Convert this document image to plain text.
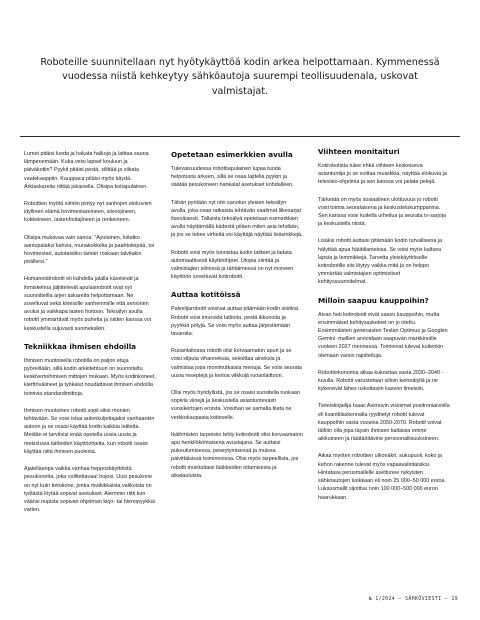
Roboteille suunnitellaan nyt hyötykäyttöä kodin arkea helpottamaan. Kymmenessä vuodessa niistä kehkeytyy sähköautoja suurempi teollisuudenala, uskovat valmistajat.

Lumet pitäisi luoda ja hakata halkoja ja laittaa sauna lämpenemään. Kuka veisi lapset kouluun ja päiväkotiin? Pyykit pitäisi pestä, silittää ja viikata vaatekaappiin. Kauppaса pitäisi myös käydä. Arkiaskareita riittää jokaisella. Olisipa kotiapulainen.

Robottien myötä siimiin piirtyy nyt vanhojen elokuvien idyllinen elämä hovimestareineen, siivoojineen, kokkeineen, lastenhoitajineen ja renkeineen.

Olisipa mukavaa vain sanoa: ”Ayulainen, loitatko aamupalaksi kahvia, munakokkelia ja paahtoleipää, toi hovimestari, autotaistiko tämän roskaan talvitakin pöällersi.”

Humanoidirobotit eli kahdella jalalla kävelevät ja ihmiskehoa jäljittelevät apulaisrobotit ovat nyt suunnitteilla arjen askareita helpottamaan. Ne soveltuvat sekä kiireisille vanhemmille että seniorien avuksi ja vaikkapa lasten hoitoon. Tekoälyn avulla robotit ymmärtävät myös puhetta ja niiden kanssa voi keskustella sujuvasti suomeksikin.

Tekniikkaa ihmisen ehdoilla

Ihmisen muotoisella robotilla on paljon etuja pyöreillään, sillä kodin arkkitehtuuri on suunniteltu keskivertoihmisen mittojen mukaan. Myös kodinkoneet, kierttövälineet ja työkalut noudattavat ihmisen ehdoilla toimivia standardimittoja.

Ihmisen muotoinen robotti sopii siksi monien tehtävään. Se voisi istua autonkuljettajaksi vanhaankin autoon ja se osaisi käyttää kodin kaikkia laitteita. Meidän ei tarvitsisi enää opetella uusia uusia ja mekistuvia laitteiden käyttöohjeita, kun robotti osaisi käyttää niitä ihmisen puolesta.

Ajatellaanpa vaikka vanhaa hepposkäyttöistä pesukonetta, joka vollitettavaa! hojosi. Uusi pesukone on nyt kuin tietokone, jonka mutkikkaista valikoista on työlästä löytää sopivat asetukset. Aiemmin riitti kun väänsi nupista sopivan ohjelman kirjo- tai hienopyykkiä varten.

Opetetaan esimerkkien avulla

Tulevaisuudessa robottiapulainen lupaa tuoda helpotusta arkeen, sillä se osaa lajitella pyykin ja säätää pesukoneen hankalat asetukset kohdalleen.

Tähän pyritään nyt niin sanotun yleisen tekoälyn avulla, joka osaa ratkaista tehtävän vaatimat liikesarjat itsenäisesti. Tällaista tekoälyä opetetaan esimerkkien avulla näyttämällä kädestä pitäen miten asia tehdään, ja jos se tekee virheitä voi käyttäjä näyttää lisävinkkejä.

Robotti voisi myös tunnistaa kodin laitteet ja ladata automaattisesti käyttöohjeet. Utopia siintää ja valmistajien silmissä ja tähtäimessä on nyt moneen käyttöön soveltuvat kotirobotit.

Auttaa kotitöissä

Palvelijarobotit voisivat auttaa pitämään kodin siistinä. Robotti voisi imuroida lattioita, pestä ikkunoita ja pyyhkiä pölyjä. Se voisi myös auttaa järjestämään tavaroita.

Ruoanlaitossa robotti olisi korvaamaton apuri ja se voisi silputa vihanneksia, sekoittaa aineksia ja valmistaa jopa monimutkaisia menuja. Se voisi seurata uusia reseptejä ja kertoa viikkojä ruoanlaittoon.

Ollsi myös hyödyllistä, jos se osaisi suositella ruokaan sopivia viinejä ja keskustella asiantuntevasti vuosikertojen eroista. Voisihan se samalla tilata ne verkkokaupasta kotiovelle.

Ikäihmisten tarpeisiin tehty kotirobotti olisi korvaamaton apu henkilökohtaisena avustajana. Se auttaisi pukeutumisessa, peseytymisessä ja muissa päivittäisissä toiminnoissa. Olisi myös tarpeellista, jos robotti muistuttaisi lääkkeiden ottamisesta ja aikatauluista.

Viihteen monitaituri

Kotirobotista tulee ehkä viihteen keskeiseva asiantuntija jo se soittaa musiikkia, näyttää elokuvia ja televisio-ohjelmia ja sen kanssa voi pelata pelejä.

Tärkeätä on myös sosiaalinen ulottuvuus jo robotti voisi toimia seuralaisena ja keskustelukumppanina. Sen kanssa voisi kuitella urheilua ja seurata tv-sarjoja ja keskustella niistä.

Lisäksi robotti auttaisi pitämään kodin turvallisena ja hälyttää apua hätätilanteissa. Se voisi myös kaltsea lapsia ja lemmikkejä. Tarvetta yleiskäyttöiselle kotirobotille siis löytyy vaikka mitä ja on helppo ymmärtää valmistajien optimistiset kehityssuunnitelmat.

Milloin saapuu kauppoihin?

Aivan heti kotirobotit eivät saavu kauppoihin, mutta ensimmäiset kehitysaskeleet on jo otettu. Ensimmäisten generaisten Teslan Optimus ja Googlen Gemini -mallien arvioidaan saapuvan markkinoille vuoteen 2027 mennessä. Toiminnat tulevat kuitenkin olemaan varsin rajoitettuja.

Robottiekonomia alkaa kukoistaa vasta 2030–2040 -luvulla. Robotit varustetaan silloin keinoälyllä ja ne kykenevät lähes uskottaviin kasvon ilmeisiin.

Tieteiskirjailija Isaac Asimovin visioimat positroniaivoilla eli kvanttilaskennalla ryyditetyt robotit tulevat kauppoihin vasta vuosina 2050-2070. Robotit voivat tällöin olla jopa täysin ihmisen kaltaisia omine aikkuineen ja rääitäöitävine persoonallisuuksineen.

Aikaa myöten robottien ulkonäkö, sukupuoli, koko ja kehon rakenne tulevat myös vapaavalintaisiksi. Hintatasa perusmallelle asettunee nykyisten sähköautojen luokkaan eli noin 25 000–50 000 euroa. Luksusmallit sijoittuu noin 100 000–500 000 euron haarukkaan.

№ 1/2024 — SÄHKÖVIESTI — 19
